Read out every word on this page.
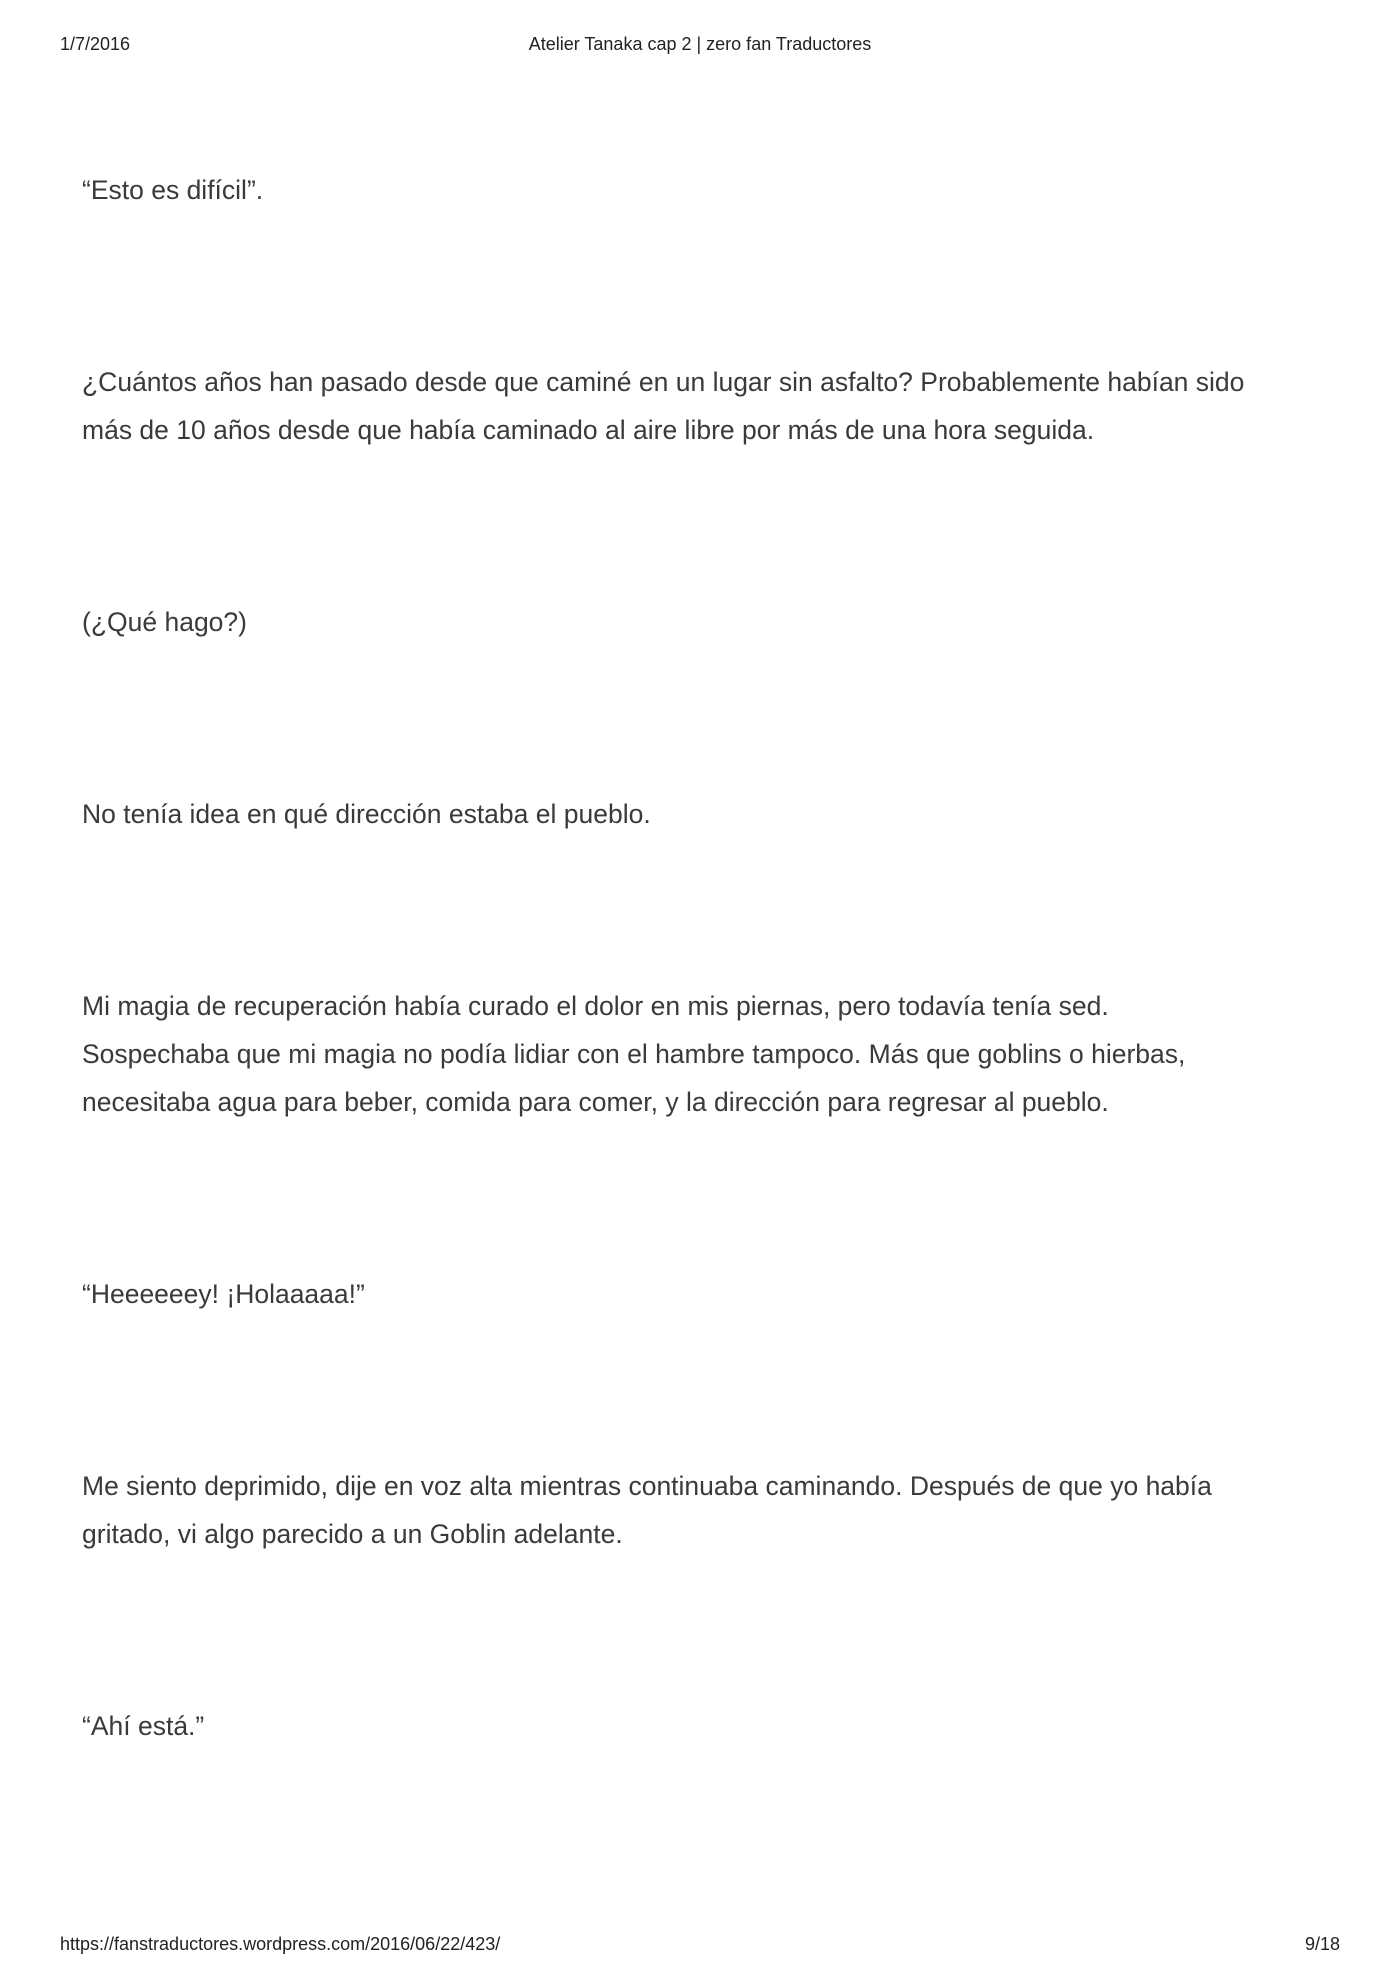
1/7/2016	Atelier Tanaka cap 2 | zero fan Traductores

“Esto es difícil”.

¿Cuántos años han pasado desde que caminé en un lugar sin asfalto? Probablemente habían sido
más de 10 años desde que había caminado al aire libre por más de una hora seguida.

(¿Qué hago?)

No tenía idea en qué dirección estaba el pueblo.

Mi magia de recuperación había curado el dolor en mis piernas, pero todavía tenía sed.
Sospechaba que mi magia no podía lidiar con el hambre tampoco. Más que goblins o hierbas,
necesitaba agua para beber, comida para comer, y la dirección para regresar al pueblo.

“Heeeeeey! ¡Holaaaaa!”

Me siento deprimido, dije en voz alta mientras continuaba caminando. Después de que yo había
gritado, vi algo parecido a un Goblin adelante.

“Ahí está.”

https://fanstraductores.wordpress.com/2016/06/22/423/	9/18
